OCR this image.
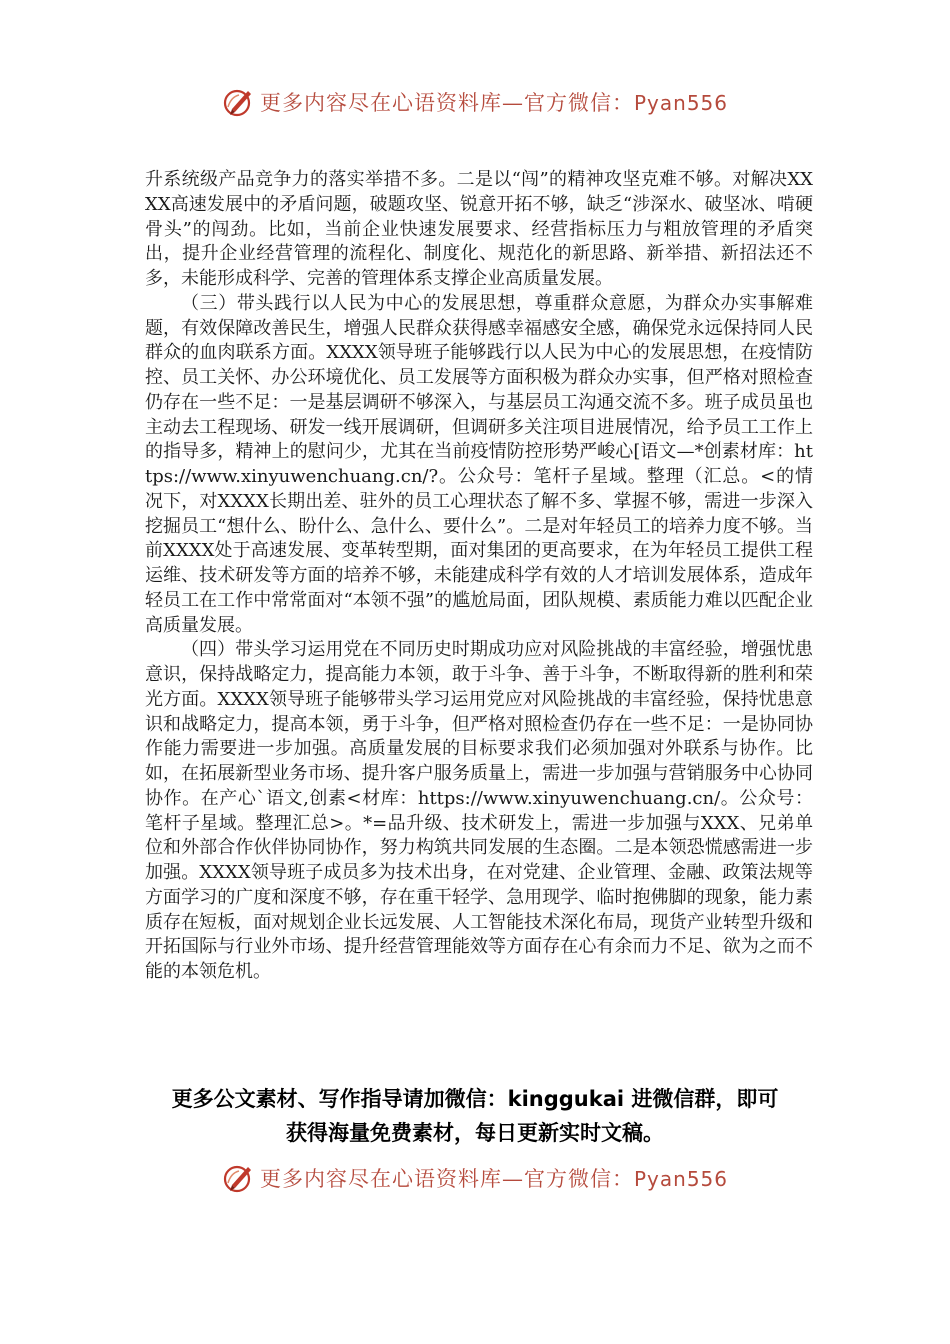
更多内容尽在心语资料库—官方微信：Pyan556

升系统级产品竞争力的落实举措不多。二是以“闯”的精神攻坚克难不够。对解决XXXX高速发展中的矛盾问题，破题攻坚、锐意开拓不够，缺乏“涉深水、破坚冰、啃硬骨头”的闯劲。比如，当前企业快速发展要求、经营指标压力与粗放管理的矛盾突出，提升企业经营管理的流程化、制度化、规范化的新思路、新举措、新招法还不多，未能形成科学、完善的管理体系支撑企业高质量发展。

（三）带头践行以人民为中心的发展思想，尊重群众意愿，为群众办实事解难题，有效保障改善民生，增强人民群众获得感幸福感安全感，确保党永远保持同人民群众的血肉联系方面。XXXX领导班子能够践行以人民为中心的发展思想，在疫情防控、员工关怀、办公环境优化、员工发展等方面积极为群众办实事，但严格对照检查仍存在一些不足：一是基层调研不够深入，与基层员工沟通交流不多。班子成员虽也主动去工程现场、研发一线开展调研，但调研多关注项目进展情况，给予员工工作上的指导多，精神上的慰问少，尤其在当前疫情防控形势严峻心[语文—*创素材库：https://www.xinyuwenchuang.cn/?。公众号：笔杆子星域。整理（汇总。<的情况下，对XXXX长期出差、驻外的员工心理状态了解不多、掌握不够，需进一步深入挖掘员工“想什么、盼什么、急什么、要什么”。二是对年轻员工的培养力度不够。当前XXXX处于高速发展、变革转型期，面对集团的更高要求，在为年轻员工提供工程运维、技术研发等方面的培养不够，未能建成科学有效的人才培训发展体系，造成年轻员工在工作中常常面对“本领不强”的尴尬局面，团队规模、素质能力难以匹配企业高质量发展。

（四）带头学习运用党在不同历史时期成功应对风险挑战的丰富经验，增强忧患意识，保持战略定力，提高能力本领，敢于斗争、善于斗争，不断取得新的胜利和荣光方面。XXXX领导班子能够带头学习运用党应对风险挑战的丰富经验，保持忧患意识和战略定力，提高本领，勇于斗争，但严格对照检查仍存在一些不足：一是协同协作能力需要进一步加强。高质量发展的目标要求我们必须加强对外联系与协作。比如，在拓展新型业务市场、提升客户服务质量上，需进一步加强与营销服务中心协同协作。在产心`语文,创素<材库：https://www.xinyuwenchuang.cn/。公众号：笔杆子星域。整理汇总>。*=品升级、技术研发上，需进一步加强与XXX、兄弟单位和外部合作伙伴协同协作，努力构筑共同发展的生态圈。二是本领恐慌感需进一步加强。XXXX领导班子成员多为技术出身，在对党建、企业管理、金融、政策法规等方面学习的广度和深度不够，存在重干轻学、急用现学、临时抱佛脚的现象，能力素质存在短板，面对规划企业长远发展、人工智能技术深化布局，现货产业转型升级和开拓国际与行业外市场、提升经营管理能效等方面存在心有余而力不足、欲为之而不能的本领危机。

更多公文素材、写作指导请加微信：kinggukai 进微信群，即可

获得海量免费素材，每日更新实时文稿。

更多内容尽在心语资料库—官方微信：Pyan556
